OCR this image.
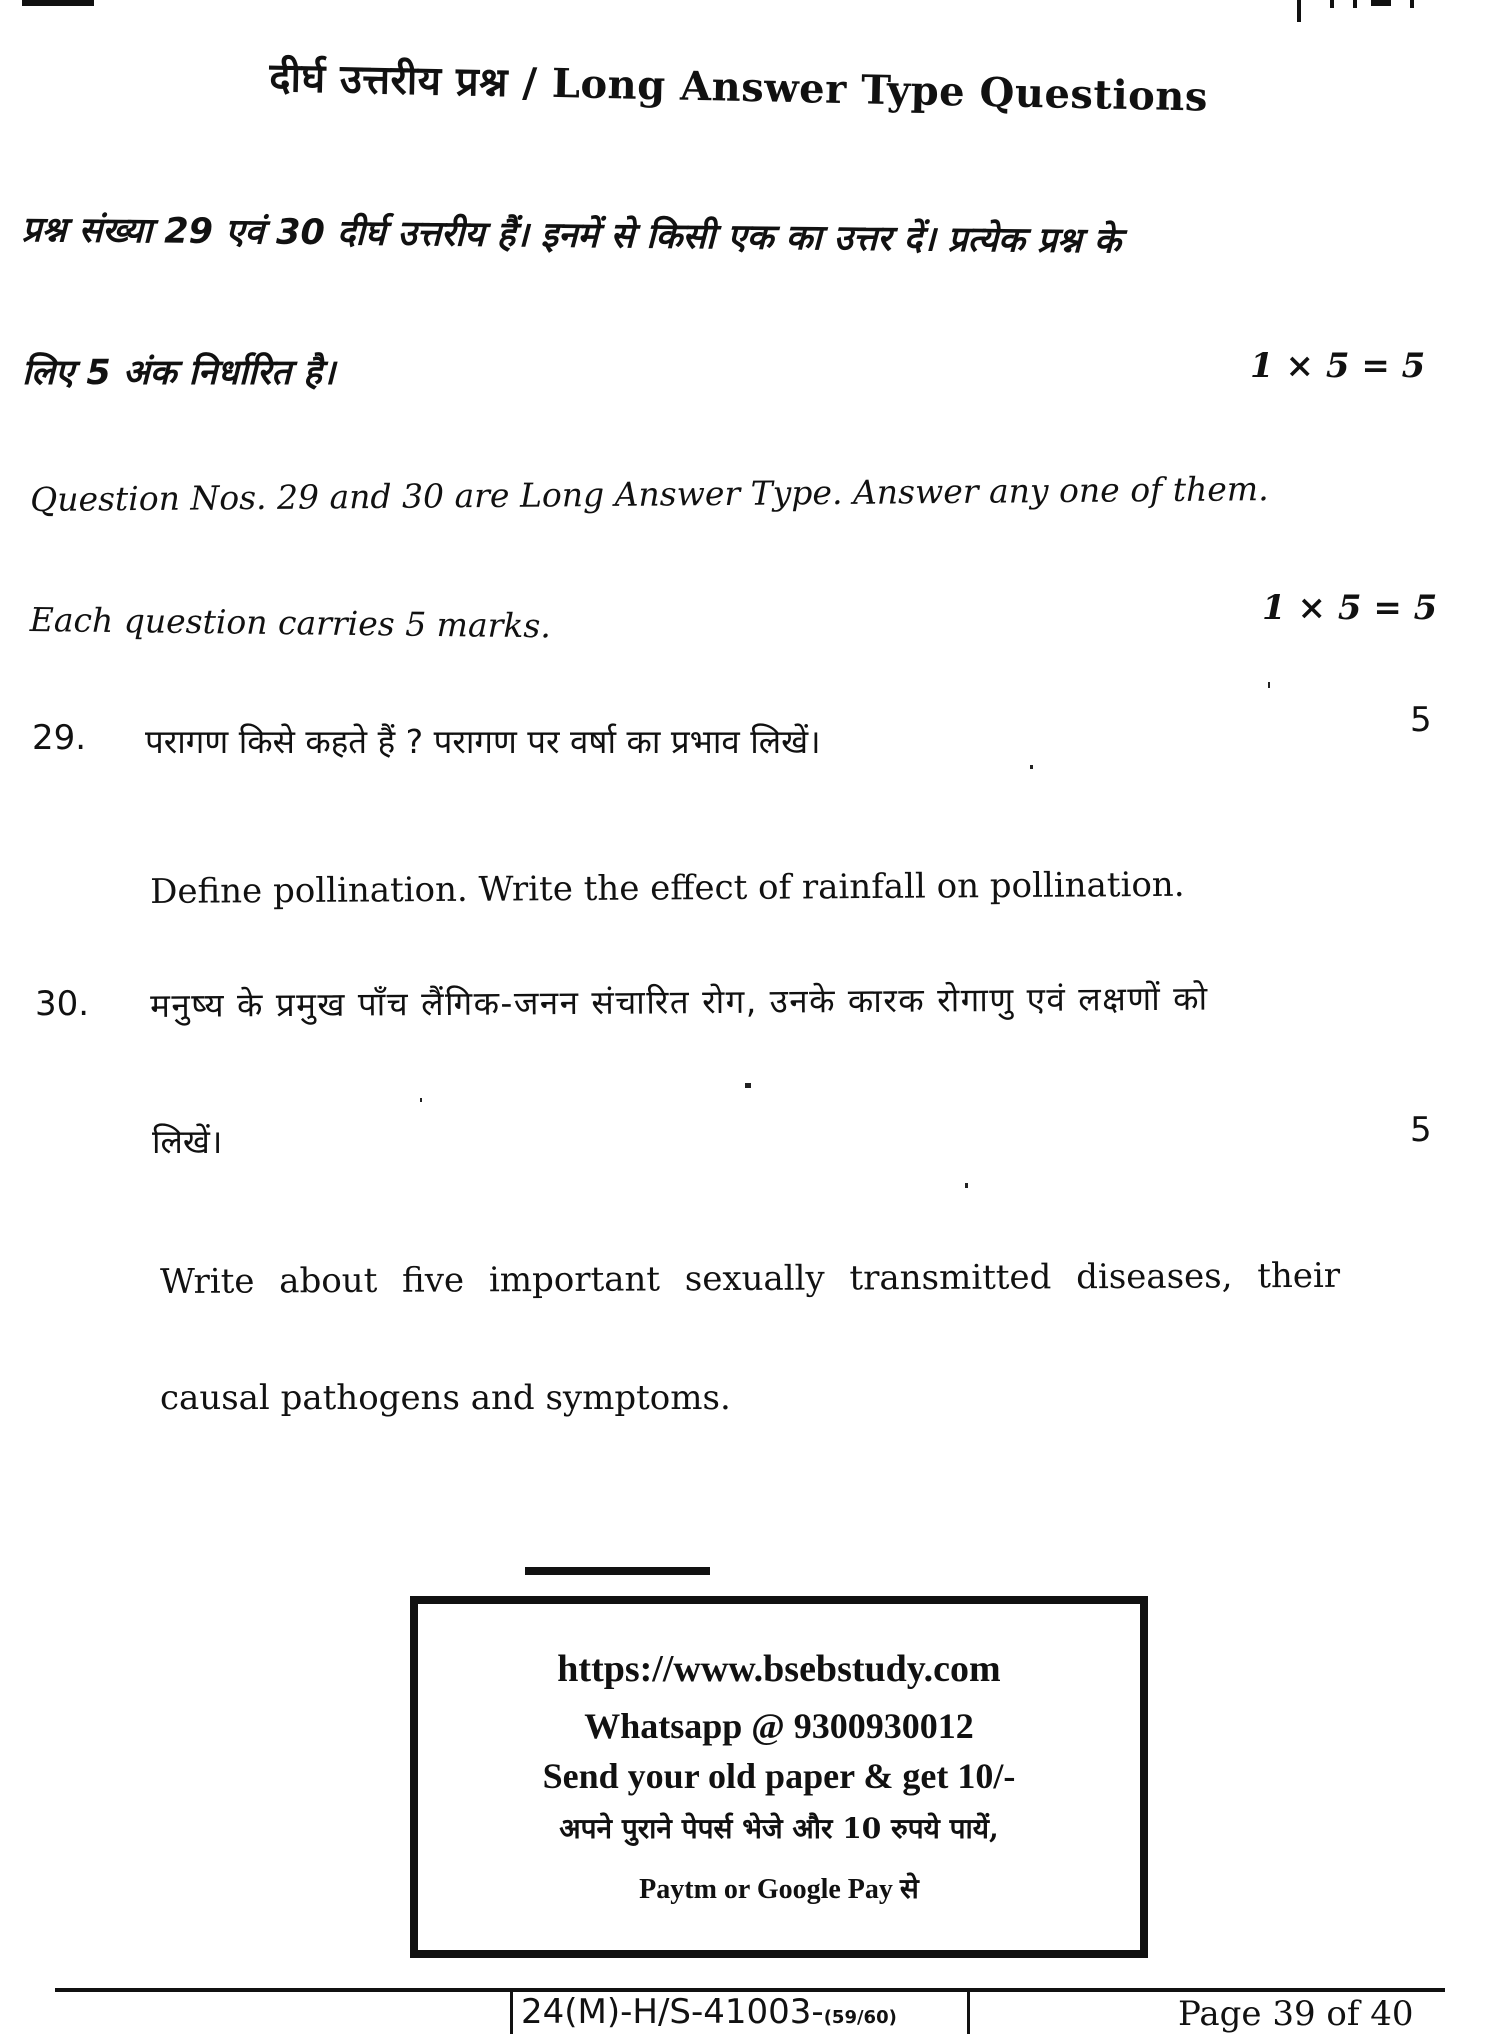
दीर्घ उत्तरीय प्रश्न / Long Answer Type Questions
प्रश्न संख्या 29 एवं 30 दीर्घ उत्तरीय हैं। इनमें से किसी एक का उत्तर दें। प्रत्येक प्रश्न के
लिए 5 अंक निर्धारित है।	1 × 5 = 5
Question Nos. 29 and 30 are Long Answer Type. Answer any one of them.
Each question carries 5 marks.	1 × 5 = 5
29. परागण किसे कहते हैं ? परागण पर वर्षा का प्रभाव लिखें।
5
Define pollination. Write the effect of rainfall on pollination.
30. मनुष्य के प्रमुख पाँच लैंगिक-जनन संचारित रोग, उनके कारक रोगाणु एवं लक्षणों को
लिखें।	5
Write about five important sexually transmitted diseases, their
causal pathogens and symptoms.
https://www.bsebstudy.com
Whatsapp @ 9300930012
Send your old paper & get 10/-
अपने पुराने पेपर्स भेजे और 10 रुपये पायें,
Paytm or Google Pay से
24(M)-H/S-41003-(59/60)	Page 39 of 40
